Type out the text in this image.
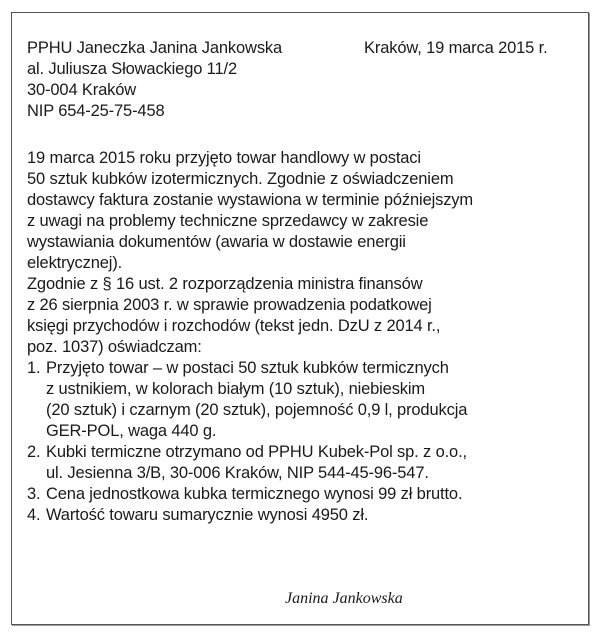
PPHU Janeczka Janina Jankowska
al. Juliusza Słowackiego 11/2
30-004 Kraków
NIP 654-25-75-458
Kraków, 19 marca 2015 r.
19 marca 2015 roku przyjęto towar handlowy w postaci
50 sztuk kubków izotermicznych. Zgodnie z oświadczeniem
dostawcy faktura zostanie wystawiona w terminie późniejszym
z uwagi na problemy techniczne sprzedawcy w zakresie
wystawiania dokumentów (awaria w dostawie energii
elektrycznej).
Zgodnie z § 16 ust. 2 rozporządzenia ministra finansów
z 26 sierpnia 2003 r. w sprawie prowadzenia podatkowej
księgi przychodów i rozchodów (tekst jedn. DzU z 2014 r.,
poz. 1037) oświadczam:
1. Przyjęto towar – w postaci 50 sztuk kubków termicznych
z ustnikiem, w kolorach białym (10 sztuk), niebieskim
(20 sztuk) i czarnym (20 sztuk), pojemność 0,9 l, produkcja
GER-POL, waga 440 g.
2. Kubki termiczne otrzymano od PPHU Kubek-Pol sp. z o.o.,
ul. Jesienna 3/B, 30-006 Kraków, NIP 544-45-96-547.
3. Cena jednostkowa kubka termicznego wynosi 99 zł brutto.
4. Wartość towaru sumarycznie wynosi 4950 zł.
Janina Jankowska
